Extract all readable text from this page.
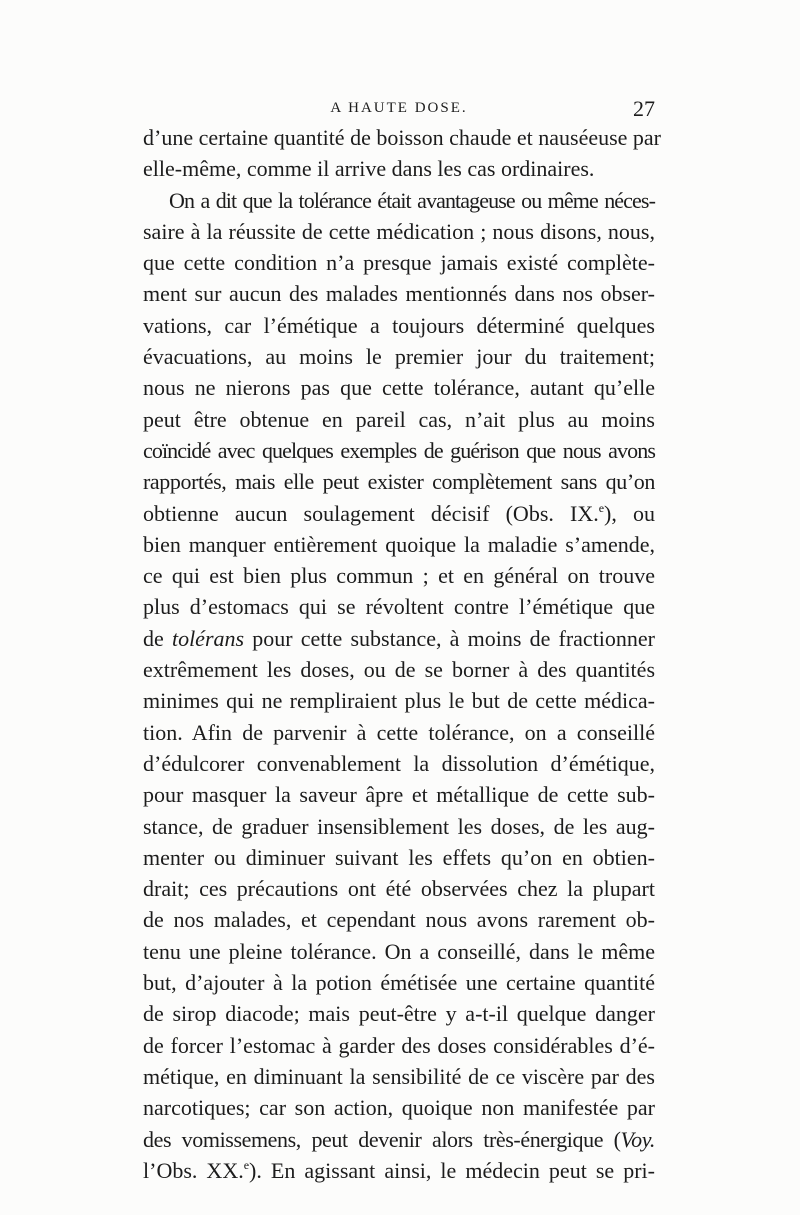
A HAUTE DOSE.	27
d’une certaine quantité de boisson chaude et nauséeuse par
elle-même, comme il arrive dans les cas ordinaires.
On a dit que la tolérance était avantageuse ou même néces-
saire à la réussite de cette médication ; nous disons, nous,
que cette condition n’a presque jamais existé complète-
ment sur aucun des malades mentionnés dans nos obser-
vations, car l’émétique a toujours déterminé quelques
évacuations, au moins le premier jour du traitement;
nous ne nierons pas que cette tolérance, autant qu’elle
peut être obtenue en pareil cas, n’ait plus au moins
coïncidé avec quelques exemples de guérison que nous avons
rapportés, mais elle peut exister complètement sans qu’on
obtienne aucun soulagement décisif (Obs. IX.$^e$), ou
bien manquer entièrement quoique la maladie s’amende,
ce qui est bien plus commun ; et en général on trouve
plus d’estomacs qui se révoltent contre l’émétique que
de tolérans pour cette substance, à moins de fractionner
extrêmement les doses, ou de se borner à des quantités
minimes qui ne rempliraient plus le but de cette médica-
tion. Afin de parvenir à cette tolérance, on a conseillé
d’édulcorer convenablement la dissolution d’émétique,
pour masquer la saveur âpre et métallique de cette sub-
stance, de graduer insensiblement les doses, de les aug-
menter ou diminuer suivant les effets qu’on en obtien-
drait; ces précautions ont été observées chez la plupart
de nos malades, et cependant nous avons rarement ob-
tenu une pleine tolérance. On a conseillé, dans le même
but, d’ajouter à la potion émétisée une certaine quantité
de sirop diacode; mais peut-être y a-t-il quelque danger
de forcer l’estomac à garder des doses considérables d’é-
métique, en diminuant la sensibilité de ce viscère par des
narcotiques; car son action, quoique non manifestée par
des vomissemens, peut devenir alors très-énergique (Voy.
l’Obs. XX.$^e$). En agissant ainsi, le médecin peut se pri-
